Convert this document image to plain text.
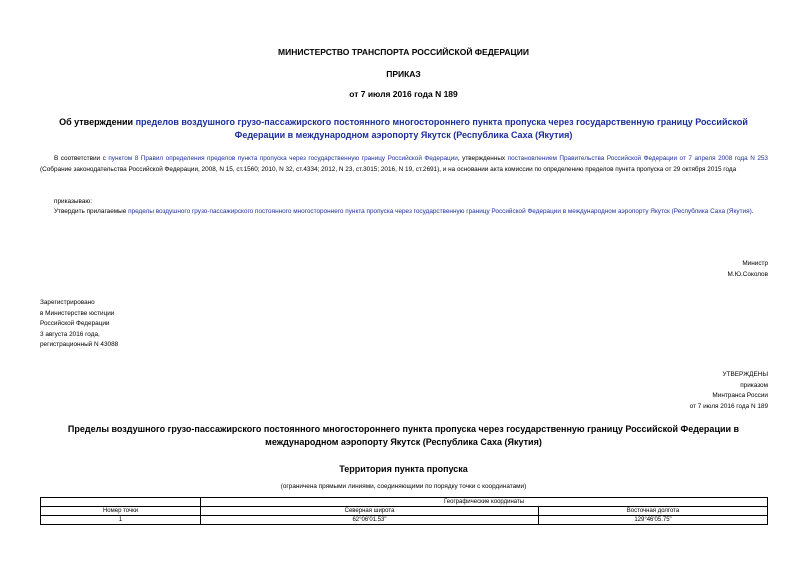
МИНИСТЕРСТВО ТРАНСПОРТА РОССИЙСКОЙ ФЕДЕРАЦИИ
ПРИКАЗ
от 7 июля 2016 года N 189
Об утверждении пределов воздушного грузо-пассажирского постоянного многостороннего пункта пропуска через государственную границу Российской Федерации в международном аэропорту Якутск (Республика Саха (Якутия)
В соответствии с пунктом 8 Правил определения пределов пункта пропуска через государственную границу Российской Федерации, утвержденных постановлением Правительства Российской Федерации от 7 апреля 2008 года N 253 (Собрание законодательства Российской Федерации, 2008, N 15, ст.1560; 2010, N 32, ст.4334; 2012, N 23, ст.3015; 2016, N 19, ст.2691), и на основании акта комиссии по определению пределов пункта пропуска от 29 октября 2015 года
приказываю:
Утвердить прилагаемые пределы воздушного грузо-пассажирского постоянного многостороннего пункта пропуска через государственную границу Российской Федерации в международном аэропорту Якутск (Республика Саха (Якутия).
Министр
М.Ю.Соколов
Зарегистрировано
в Министерстве юстиции
Российской Федерации
3 августа 2016 года,
регистрационный N 43088
УТВЕРЖДЕНЫ
приказом
Минтранса России
от 7 июля 2016 года N 189
Пределы воздушного грузо-пассажирского постоянного многостороннего пункта пропуска через государственную границу Российской Федерации в международном аэропорту Якутск (Республика Саха (Якутия)
Территория пункта пропуска
(ограничена прямыми линиями, соединяющими по порядку точки с координатами)
	Географические координаты	
Номер точки	Северная широта	Восточная долгота
1	62°06'01.53"	129°46'05.75"
